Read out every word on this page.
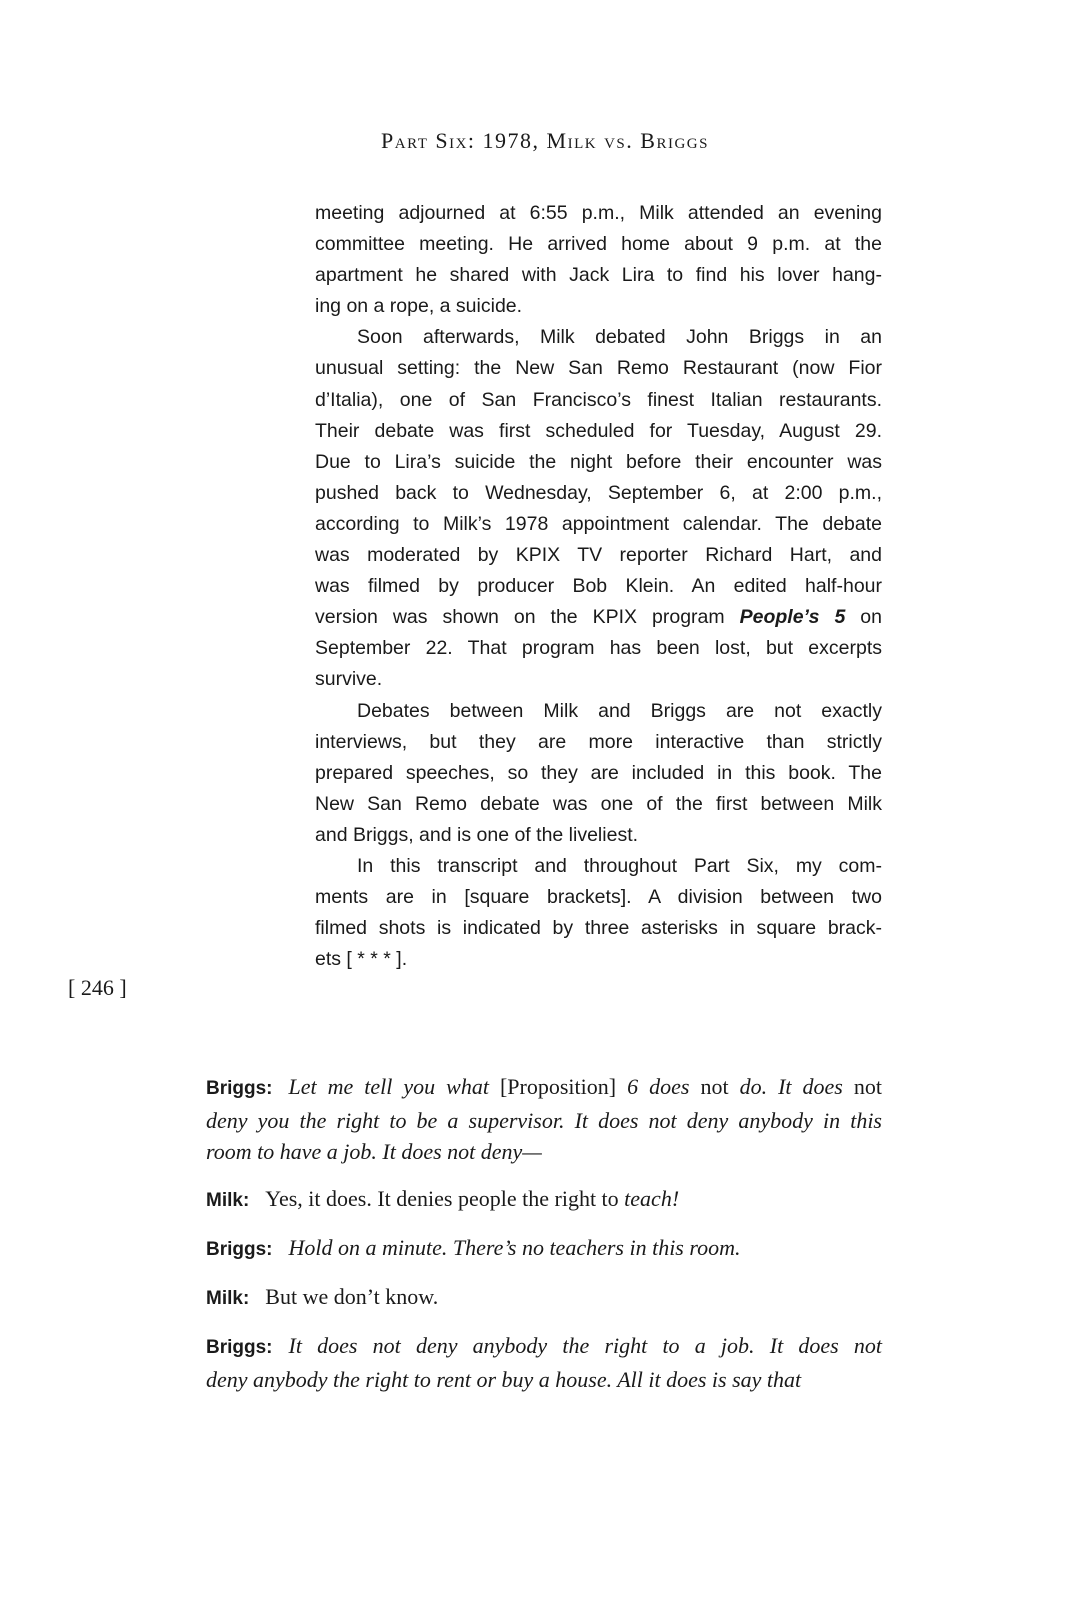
Part Six: 1978, Milk vs. Briggs
meeting adjourned at 6:55 p.m., Milk attended an evening
committee meeting. He arrived home about 9 p.m. at the
apartment he shared with Jack Lira to find his lover hang-
ing on a rope, a suicide.
Soon afterwards, Milk debated John Briggs in an
unusual setting: the New San Remo Restaurant (now Fior
d’Italia), one of San Francisco’s finest Italian restaurants.
Their debate was first scheduled for Tuesday, August 29.
Due to Lira’s suicide the night before their encounter was
pushed back to Wednesday, September 6, at 2:00 p.m.,
according to Milk’s 1978 appointment calendar. The debate
was moderated by KPIX TV reporter Richard Hart, and
was filmed by producer Bob Klein. An edited half-hour
version was shown on the KPIX program People’s 5 on
September 22. That program has been lost, but excerpts
survive.
Debates between Milk and Briggs are not exactly
interviews, but they are more interactive than strictly
prepared speeches, so they are included in this book. The
New San Remo debate was one of the first between Milk
and Briggs, and is one of the liveliest.
In this transcript and throughout Part Six, my com-
ments are in [square brackets]. A division between two
filmed shots is indicated by three asterisks in square brack-
ets [ * * * ].
[ 246 ]
Briggs: Let me tell you what [Proposition] 6 does not do. It does not
deny you the right to be a supervisor. It does not deny anybody in this
room to have a job. It does not deny—
Milk: Yes, it does. It denies people the right to teach!
Briggs: Hold on a minute. There’s no teachers in this room.
Milk: But we don’t know.
Briggs: It does not deny anybody the right to a job. It does not
deny anybody the right to rent or buy a house. All it does is say that
